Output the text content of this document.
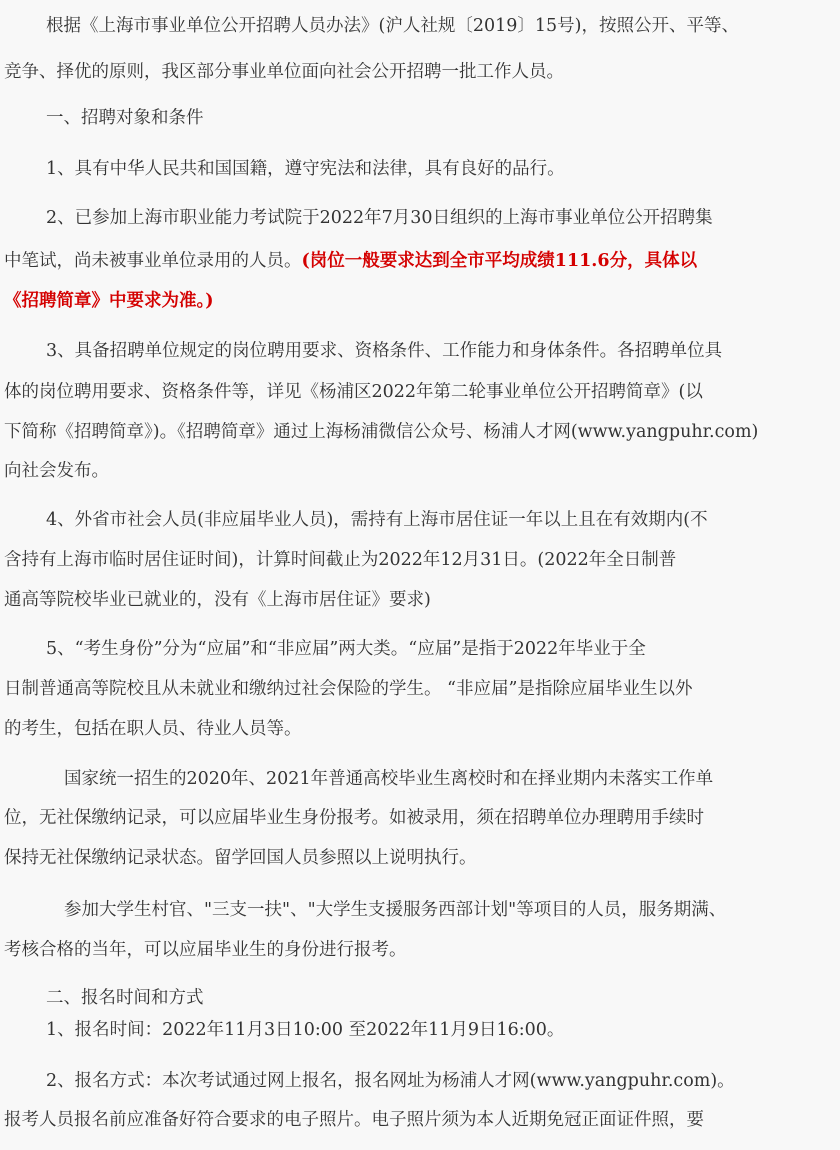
根据《上海市事业单位公开招聘人员办法》(沪人社规〔2019〕15号)，按照公开、平等、
竞争、择优的原则，我区部分事业单位面向社会公开招聘一批工作人员。
一、招聘对象和条件
1、具有中华人民共和国国籍，遵守宪法和法律，具有良好的品行。
2、已参加上海市职业能力考试院于2022年7月30日组织的上海市事业单位公开招聘集
中笔试，尚未被事业单位录用的人员。(岗位一般要求达到全市平均成绩111.6分，具体以
《招聘简章》中要求为准。)
3、具备招聘单位规定的岗位聘用要求、资格条件、工作能力和身体条件。各招聘单位具
体的岗位聘用要求、资格条件等，详见《杨浦区2022年第二轮事业单位公开招聘简章》(以
下简称《招聘简章》)。《招聘简章》通过上海杨浦微信公众号、杨浦人才网(www.yangpuhr.com)
向社会发布。
4、外省市社会人员(非应届毕业人员)，需持有上海市居住证一年以上且在有效期内(不
含持有上海市临时居住证时间)，计算时间截止为2022年12月31日。(2022年全日制普
通高等院校毕业已就业的，没有《上海市居住证》要求)
5、“考生身份”分为“应届”和“非应届”两大类。“应届”是指于2022年毕业于全
日制普通高等院校且从未就业和缴纳过社会保险的学生。 “非应届”是指除应届毕业生以外
的考生，包括在职人员、待业人员等。
国家统一招生的2020年、2021年普通高校毕业生离校时和在择业期内未落实工作单
位，无社保缴纳记录，可以应届毕业生身份报考。如被录用，须在招聘单位办理聘用手续时
保持无社保缴纳记录状态。留学回国人员参照以上说明执行。
参加大学生村官、"三支一扶"、"大学生支援服务西部计划"等项目的人员，服务期满、
考核合格的当年，可以应届毕业生的身份进行报考。
二、报名时间和方式
1、报名时间：2022年11月3日10:00 至2022年11月9日16:00。
2、报名方式：本次考试通过网上报名，报名网址为杨浦人才网(www.yangpuhr.com)。
报考人员报名前应准备好符合要求的电子照片。电子照片须为本人近期免冠正面证件照，要
